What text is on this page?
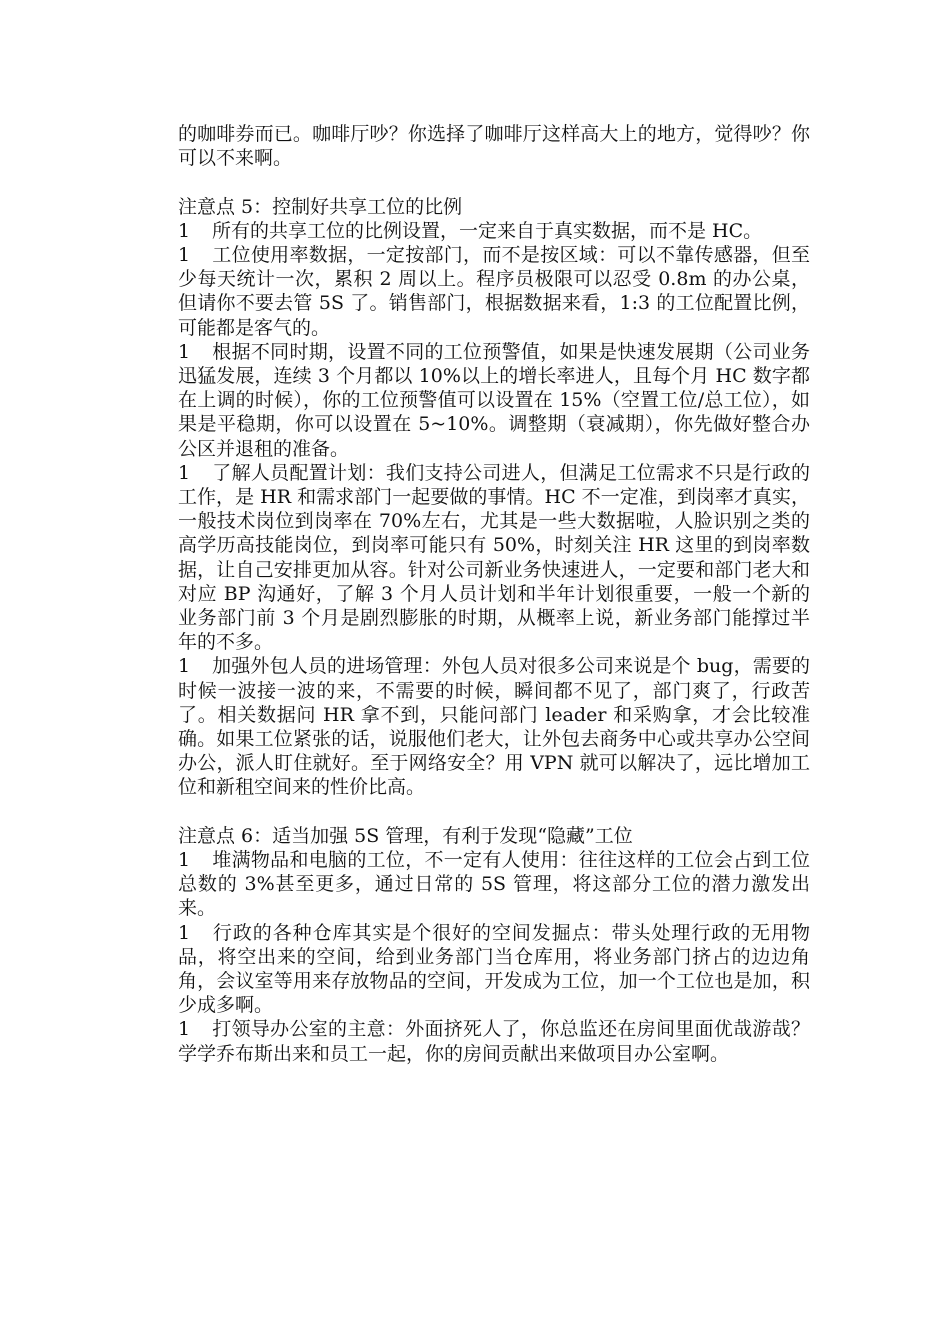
的咖啡券而已。咖啡厅吵？你选择了咖啡厅这样高大上的地方，觉得吵？你可以不来啊。

注意点 5：控制好共享工位的比例

1 所有的共享工位的比例设置，一定来自于真实数据，而不是 HC。

1 工位使用率数据，一定按部门，而不是按区域：可以不靠传感器，但至少每天统计一次，累积 2 周以上。程序员极限可以忍受 0.8m 的办公桌，但请你不要去管 5S 了。销售部门，根据数据来看，1:3 的工位配置比例，可能都是客气的。

1 根据不同时期，设置不同的工位预警值，如果是快速发展期（公司业务迅猛发展，连续 3 个月都以 10%以上的增长率进人，且每个月 HC 数字都在上调的时候），你的工位预警值可以设置在 15%（空置工位/总工位），如果是平稳期，你可以设置在 5~10%。调整期（衰减期），你先做好整合办公区并退租的准备。

1 了解人员配置计划：我们支持公司进人，但满足工位需求不只是行政的工作，是 HR 和需求部门一起要做的事情。HC 不一定准，到岗率才真实，一般技术岗位到岗率在 70%左右，尤其是一些大数据啦，人脸识别之类的高学历高技能岗位，到岗率可能只有 50%，时刻关注 HR 这里的到岗率数据，让自己安排更加从容。针对公司新业务快速进人，一定要和部门老大和对应 BP 沟通好，了解 3 个月人员计划和半年计划很重要，一般一个新的业务部门前 3 个月是剧烈膨胀的时期，从概率上说，新业务部门能撑过半年的不多。

1 加强外包人员的进场管理：外包人员对很多公司来说是个 bug，需要的时候一波接一波的来，不需要的时候，瞬间都不见了，部门爽了，行政苦了。相关数据问 HR 拿不到，只能问部门 leader 和采购拿，才会比较准确。如果工位紧张的话，说服他们老大，让外包去商务中心或共享办公空间办公，派人盯住就好。至于网络安全？用 VPN 就可以解决了，远比增加工位和新租空间来的性价比高。

注意点 6：适当加强 5S 管理，有利于发现“隐藏”工位

1 堆满物品和电脑的工位，不一定有人使用：往往这样的工位会占到工位总数的 3%甚至更多，通过日常的 5S 管理，将这部分工位的潜力激发出来。

1 行政的各种仓库其实是个很好的空间发掘点：带头处理行政的无用物品，将空出来的空间，给到业务部门当仓库用，将业务部门挤占的边边角角，会议室等用来存放物品的空间，开发成为工位，加一个工位也是加，积少成多啊。

1 打领导办公室的主意：外面挤死人了，你总监还在房间里面优哉游哉？学学乔布斯出来和员工一起，你的房间贡献出来做项目办公室啊。
